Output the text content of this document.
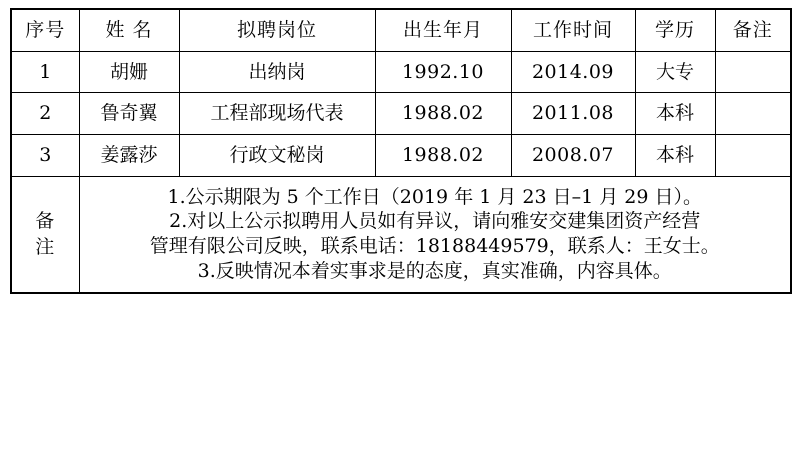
序号	姓 名	拟聘岗位	出生年月	工作时间	学历	备注
1	胡姗	出纳岗	1992.10	2014.09	大专	
2	鲁奇翼	工程部现场代表	1988.02	2011.08	本科	
3	姜露莎	行政文秘岗	1988.02	2008.07	本科	
备
注	

1.公示期限为 5 个工作日（2019 年 1 月 23 日–1 月 29 日）。

2.对以上公示拟聘用人员如有异议，请向雅安交建集团资产经营

管理有限公司反映，联系电话：18188449579，联系人：王女士。

3.反映情况本着实事求是的态度，真实准确，内容具体。
